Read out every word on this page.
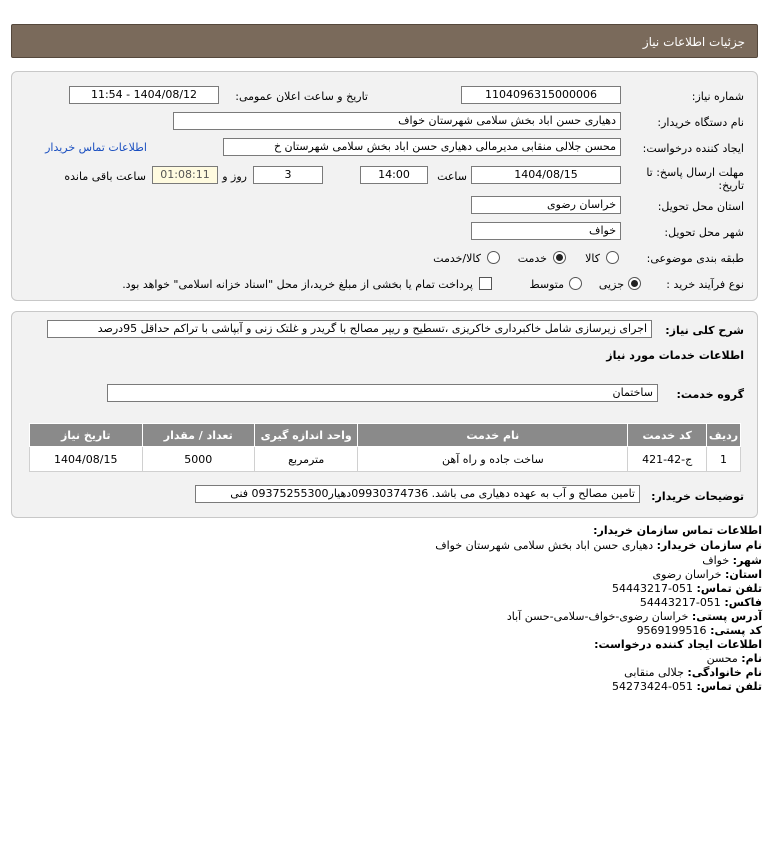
جزئیات اطلاعات نیاز
شماره نیاز:
1104096315000006
تاریخ و ساعت اعلان عمومی:
1404/08/12 - 11:54
نام دستگاه خریدار:
دهیاری حسن اباد بخش سلامی شهرستان خواف
ایجاد کننده درخواست:
محسن جلالی منقابی مدیرمالی دهیاری حسن اباد بخش سلامی شهرستان خ
اطلاعات تماس خریدار
مهلت ارسال پاسخ: تا تاریخ:
1404/08/15
ساعت
14:00
3
روز و
01:08:11
ساعت باقی مانده
استان محل تحویل:
خراسان رضوی
شهر محل تحویل:
خواف
طبقه بندی موضوعی:
کالا
خدمت
کالا/خدمت
نوع فرآیند خرید :
جزیی
متوسط
پرداخت تمام یا بخشی از مبلغ خرید،از محل "اسناد خزانه اسلامی" خواهد بود.
شرح کلی نیاز:
اجرای زیرسازی شامل خاکبرداری خاکریزی ،تسطیح و ریپر مصالح با گریدر و غلتک زنی و آبپاشی با تراکم حداقل 95درصد
اطلاعات خدمات مورد نیاز
گروه خدمت:
ساختمان
ردیف	کد خدمت	نام خدمت	واحد اندازه گیری	تعداد / مقدار	تاریخ نیاز
1	ج-42-421	ساخت جاده و راه آهن	مترمربع	5000	1404/08/15
توضیحات خریدار:
تامین مصالح و آب به عهده دهیاری می باشد. 09930374736دهیار09375255300 فنی
اطلاعات تماس سازمان خریدار:
نام سازمان خریدار: دهیاری حسن اباد بخش سلامی شهرستان خواف
شهر: خواف
استان: خراسان رضوی
تلفن تماس: 051-54443217
فاکس: 051-54443217
آدرس پستی: خراسان رضوی-خواف-سلامی-حسن آباد
کد پستی: 9569199516
اطلاعات ایجاد کننده درخواست:
نام: محسن
نام خانوادگی: جلالی منقابی
تلفن تماس: 051-54273424
